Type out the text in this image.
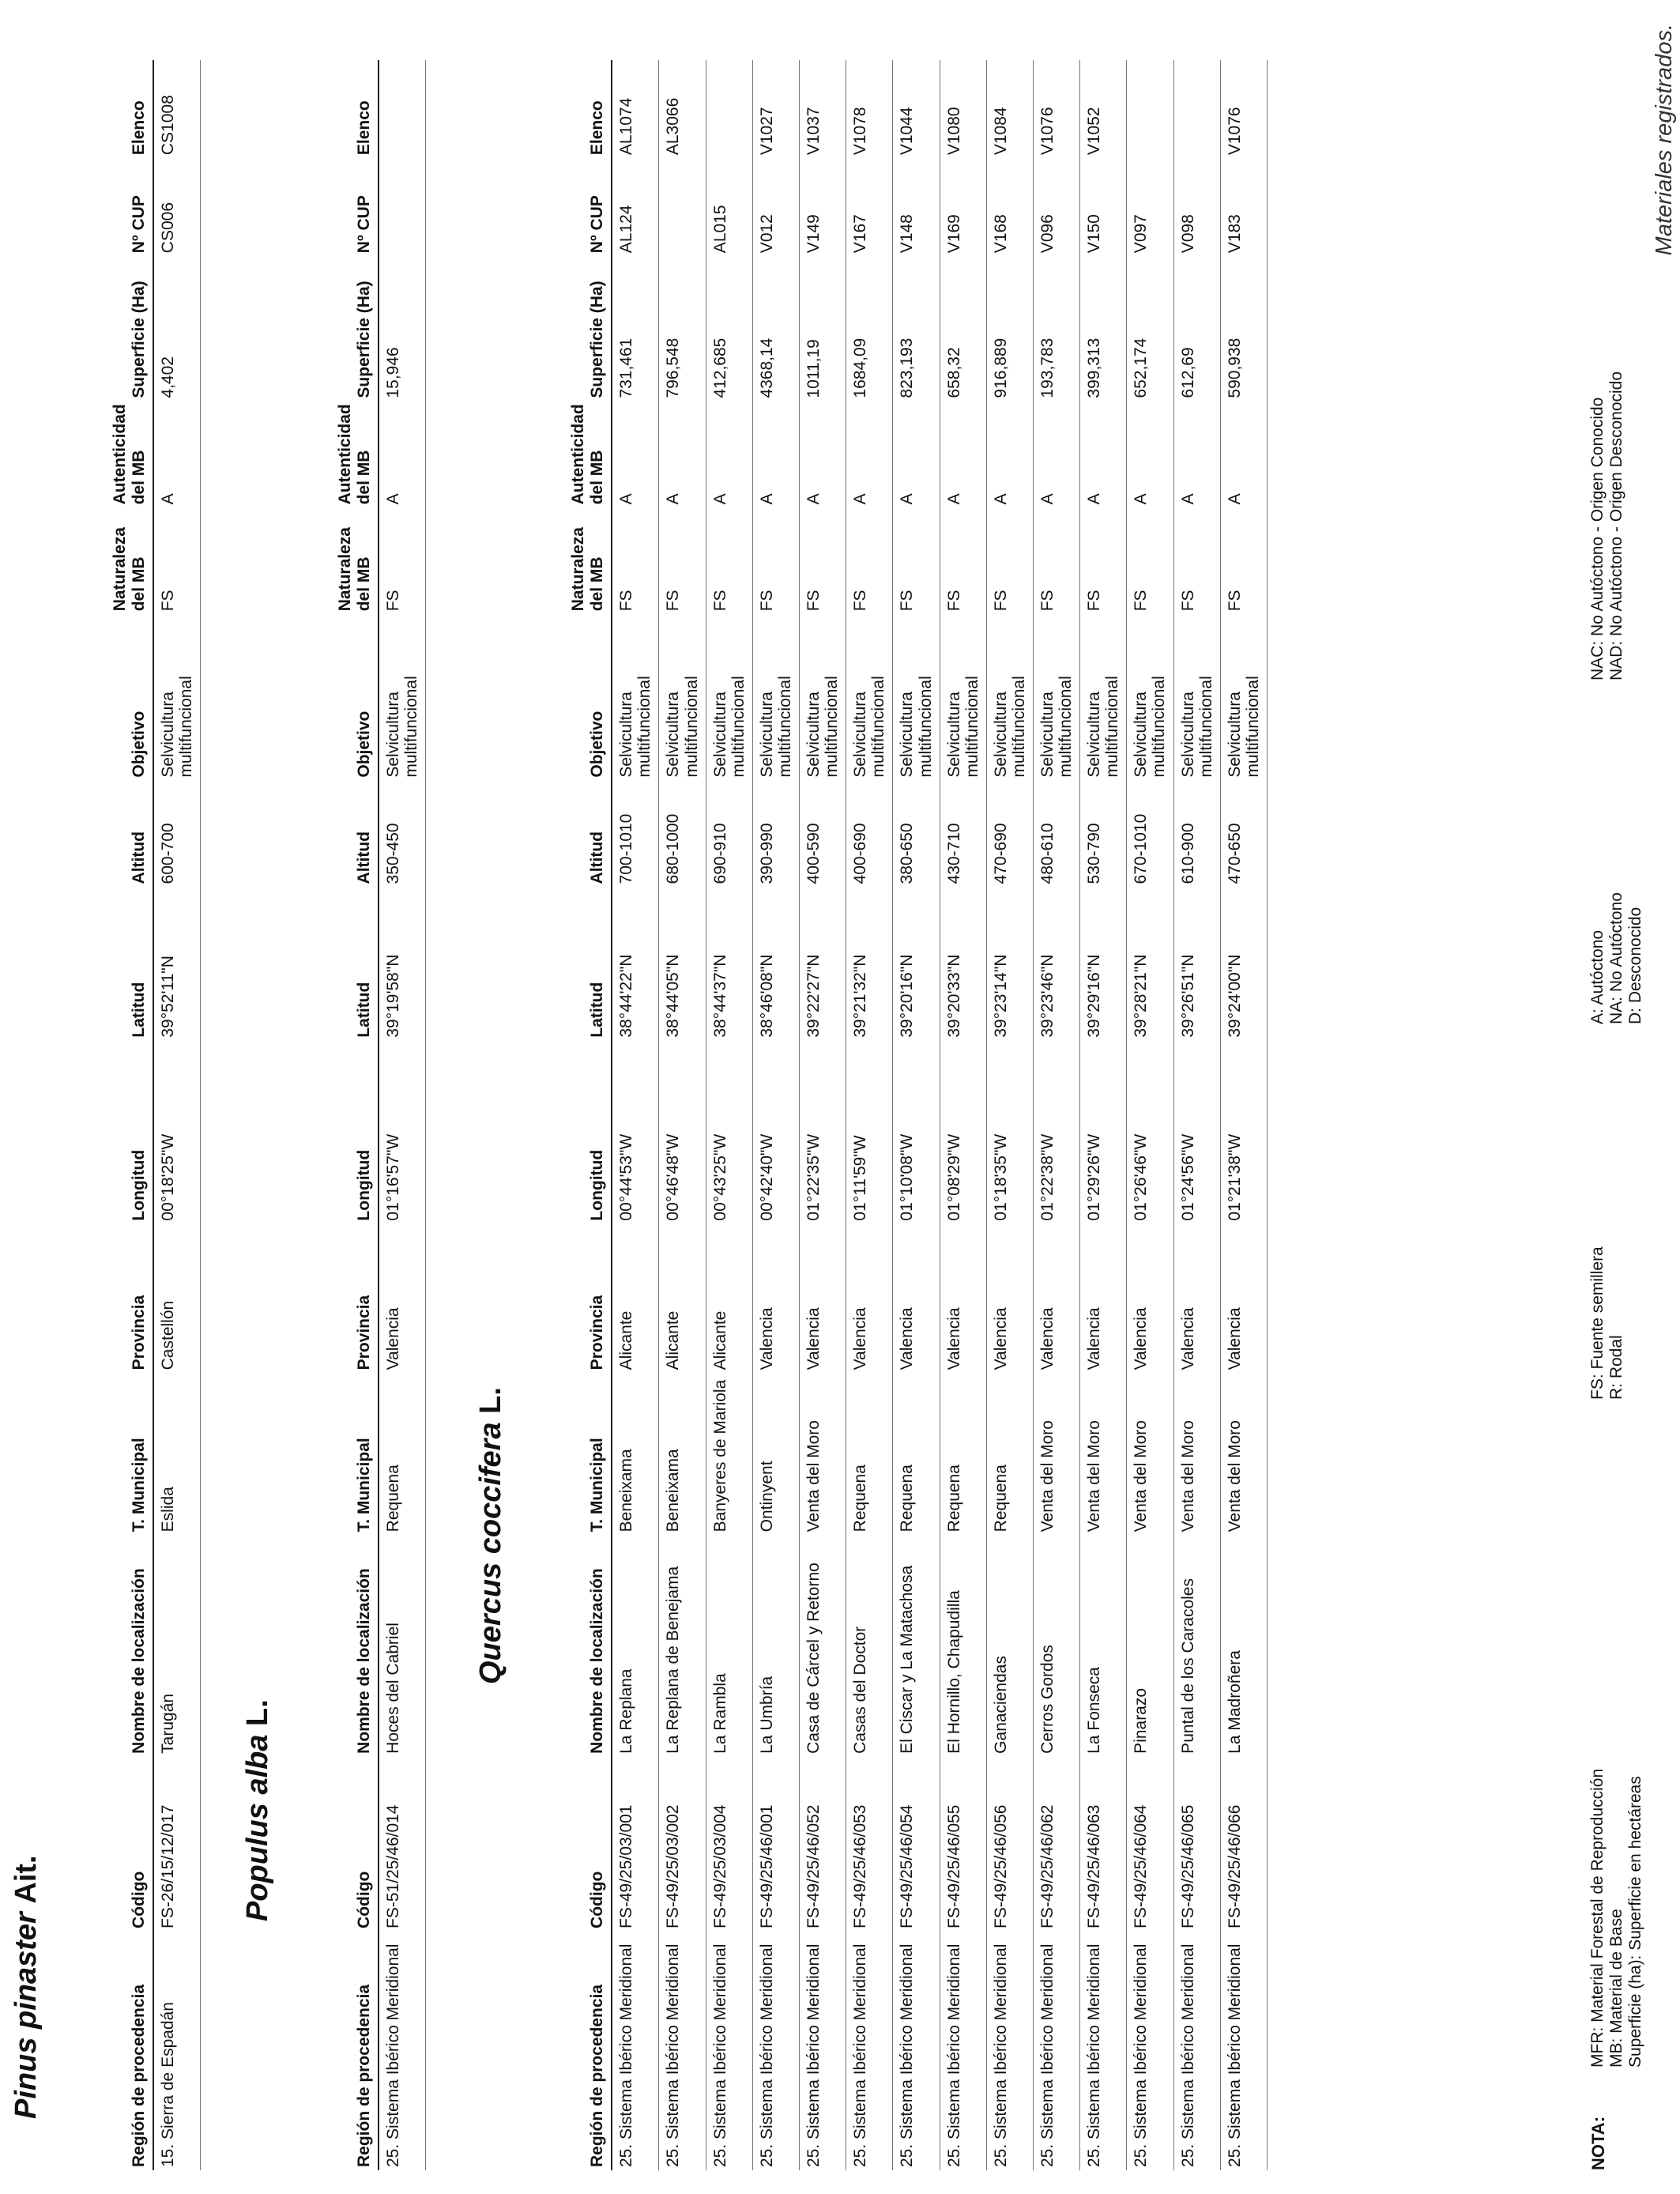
Materiales registrados.
Pinus pinaster Ait.
Región de procedencia	Código	Nombre de localización	T. Municipal	Provincia	Longitud	Latitud	Altitud	Objetivo	Naturaleza del MB	Autenticidad del MB	Superficie (Ha)	Nº CUP	Elenco
15. Sierra de Espadán	FS-26/15/12/017	Tarugán	Eslida	Castellón	00°18'25"W	39°52'11"N	600-700	Selvicultura multifuncional	FS	A	4,402	CS006	CS1008
Populus alba L.
Región de procedencia	Código	Nombre de localización	T. Municipal	Provincia	Longitud	Latitud	Altitud	Objetivo	Naturaleza del MB	Autenticidad del MB	Superficie (Ha)	Nº CUP	Elenco
25. Sistema Ibérico Meridional	FS-51/25/46/014	Hoces del Cabriel	Requena	Valencia	01°16'57"W	39°19'58"N	350-450	Selvicultura multifuncional	FS	A	15,946		
Quercus coccifera L.
Región de procedencia	Código	Nombre de localización	T. Municipal	Provincia	Longitud	Latitud	Altitud	Objetivo	Naturaleza del MB	Autenticidad del MB	Superficie (Ha)	Nº CUP	Elenco
25. Sistema Ibérico Meridional	FS-49/25/03/001	La Replana	Beneixama	Alicante	00°44'53"W	38°44'22"N	700-1010	Selvicultura multifuncional	FS	A	731,461	AL124	AL1074
25. Sistema Ibérico Meridional	FS-49/25/03/002	La Replana de Benejama	Beneixama	Alicante	00°46'48"W	38°44'05"N	680-1000	Selvicultura multifuncional	FS	A	796,548		AL3066
25. Sistema Ibérico Meridional	FS-49/25/03/004	La Rambla	Banyeres de Mariola	Alicante	00°43'25"W	38°44'37"N	690-910	Selvicultura multifuncional	FS	A	412,685	AL015	
25. Sistema Ibérico Meridional	FS-49/25/46/001	La Umbría	Ontinyent	Valencia	00°42'40"W	38°46'08"N	390-990	Selvicultura multifuncional	FS	A	4368,14	V012	V1027
25. Sistema Ibérico Meridional	FS-49/25/46/052	Casa de Cárcel y Retorno	Venta del Moro	Valencia	01°22'35"W	39°22'27"N	400-590	Selvicultura multifuncional	FS	A	1011,19	V149	V1037
25. Sistema Ibérico Meridional	FS-49/25/46/053	Casas del Doctor	Requena	Valencia	01°11'59"W	39°21'32"N	400-690	Selvicultura multifuncional	FS	A	1684,09	V167	V1078
25. Sistema Ibérico Meridional	FS-49/25/46/054	El Ciscar y La Matachosa	Requena	Valencia	01°10'08"W	39°20'16"N	380-650	Selvicultura multifuncional	FS	A	823,193	V148	V1044
25. Sistema Ibérico Meridional	FS-49/25/46/055	El Hornillo, Chapudilla	Requena	Valencia	01°08'29"W	39°20'33"N	430-710	Selvicultura multifuncional	FS	A	658,32	V169	V1080
25. Sistema Ibérico Meridional	FS-49/25/46/056	Ganaciendas	Requena	Valencia	01°18'35"W	39°23'14"N	470-690	Selvicultura multifuncional	FS	A	916,889	V168	V1084
25. Sistema Ibérico Meridional	FS-49/25/46/062	Cerros Gordos	Venta del Moro	Valencia	01°22'38"W	39°23'46"N	480-610	Selvicultura multifuncional	FS	A	193,783	V096	V1076
25. Sistema Ibérico Meridional	FS-49/25/46/063	La Fonseca	Venta del Moro	Valencia	01°29'26"W	39°29'16"N	530-790	Selvicultura multifuncional	FS	A	399,313	V150	V1052
25. Sistema Ibérico Meridional	FS-49/25/46/064	Pinarazo	Venta del Moro	Valencia	01°26'46"W	39°28'21"N	670-1010	Selvicultura multifuncional	FS	A	652,174	V097	
25. Sistema Ibérico Meridional	FS-49/25/46/065	Puntal de los Caracoles	Venta del Moro	Valencia	01°24'56"W	39°26'51"N	610-900	Selvicultura multifuncional	FS	A	612,69	V098	
25. Sistema Ibérico Meridional	FS-49/25/46/066	La Madroñera	Venta del Moro	Valencia	01°21'38"W	39°24'00"N	470-650	Selvicultura multifuncional	FS	A	590,938	V183	V1076
NOTA:
MFR: Material Forestal de Reproducción MB: Material de Base Superficie (ha): Superficie en hectáreas
FS: Fuente semillera R: Rodal
A: Autóctono NA: No Autóctono D: Desconocido
NAC: No Autóctono - Origen Conocido NAD: No Autóctono - Origen Desconocido
